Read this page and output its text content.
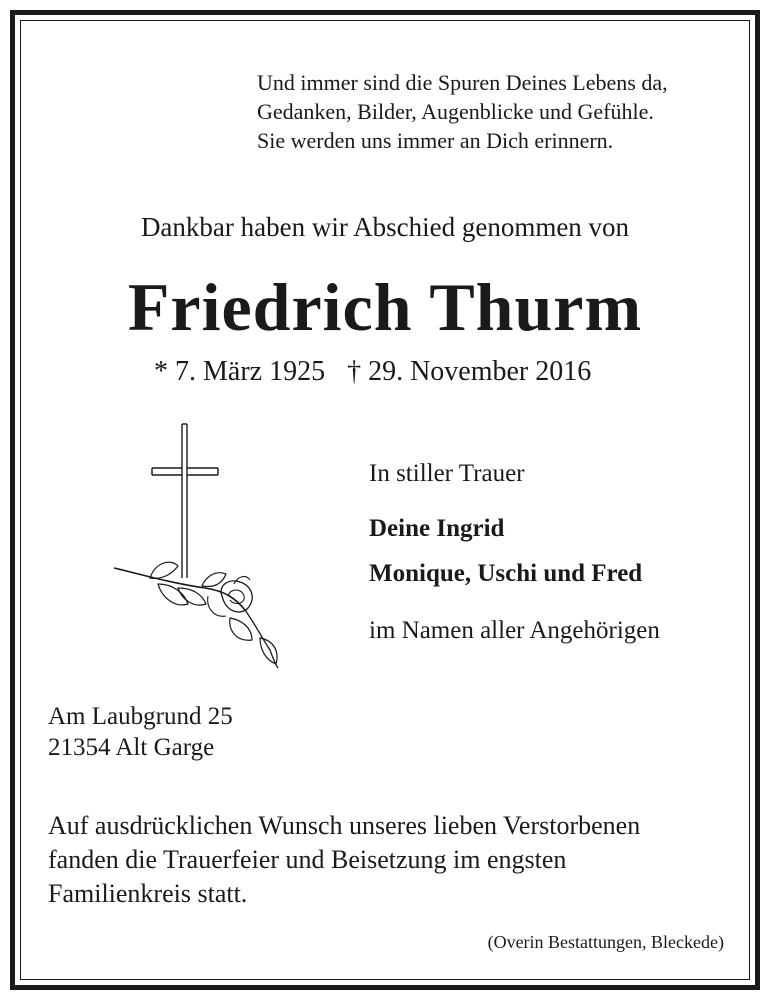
Und immer sind die Spuren Deines Lebens da,
Gedanken, Bilder, Augenblicke und Gefühle.
Sie werden uns immer an Dich erinnern.
Dankbar haben wir Abschied genommen von
Friedrich Thurm
* 7. März 1925 † 29. November 2016
In stiller Trauer
Deine Ingrid
Monique, Uschi und Fred
im Namen aller Angehörigen
Am Laubgrund 25
21354 Alt Garge
Auf ausdrücklichen Wunsch unseres lieben Verstorbenen
fanden die Trauerfeier und Beisetzung im engsten
Familienkreis statt.
(Overin Bestattungen, Bleckede)
